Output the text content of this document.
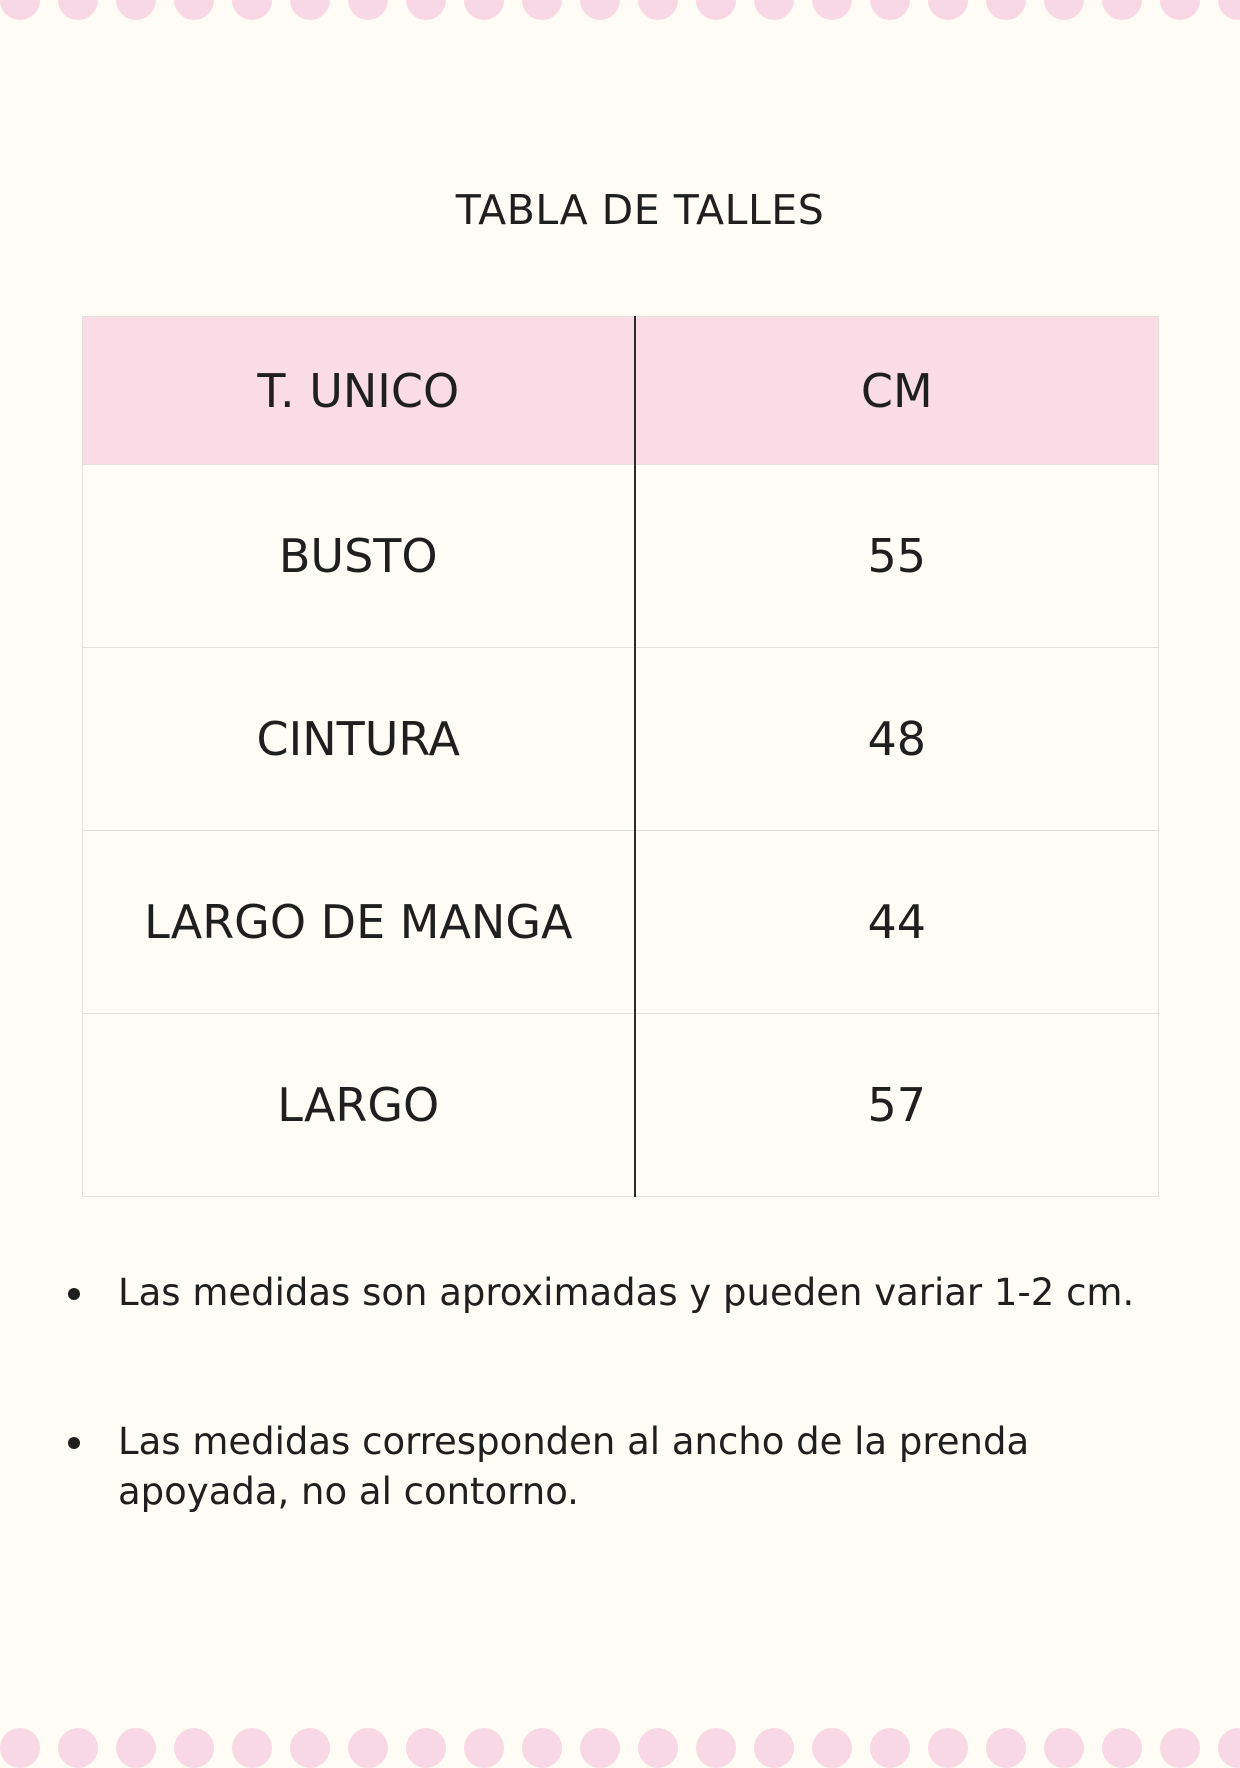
TABLA DE TALLES
T. UNICO	CM
BUSTO	55
CINTURA	48
LARGO DE MANGA	44
LARGO	57
Las medidas son aproximadas y pueden variar 1-2 cm.
Las medidas corresponden al ancho de la prenda apoyada, no al contorno.
